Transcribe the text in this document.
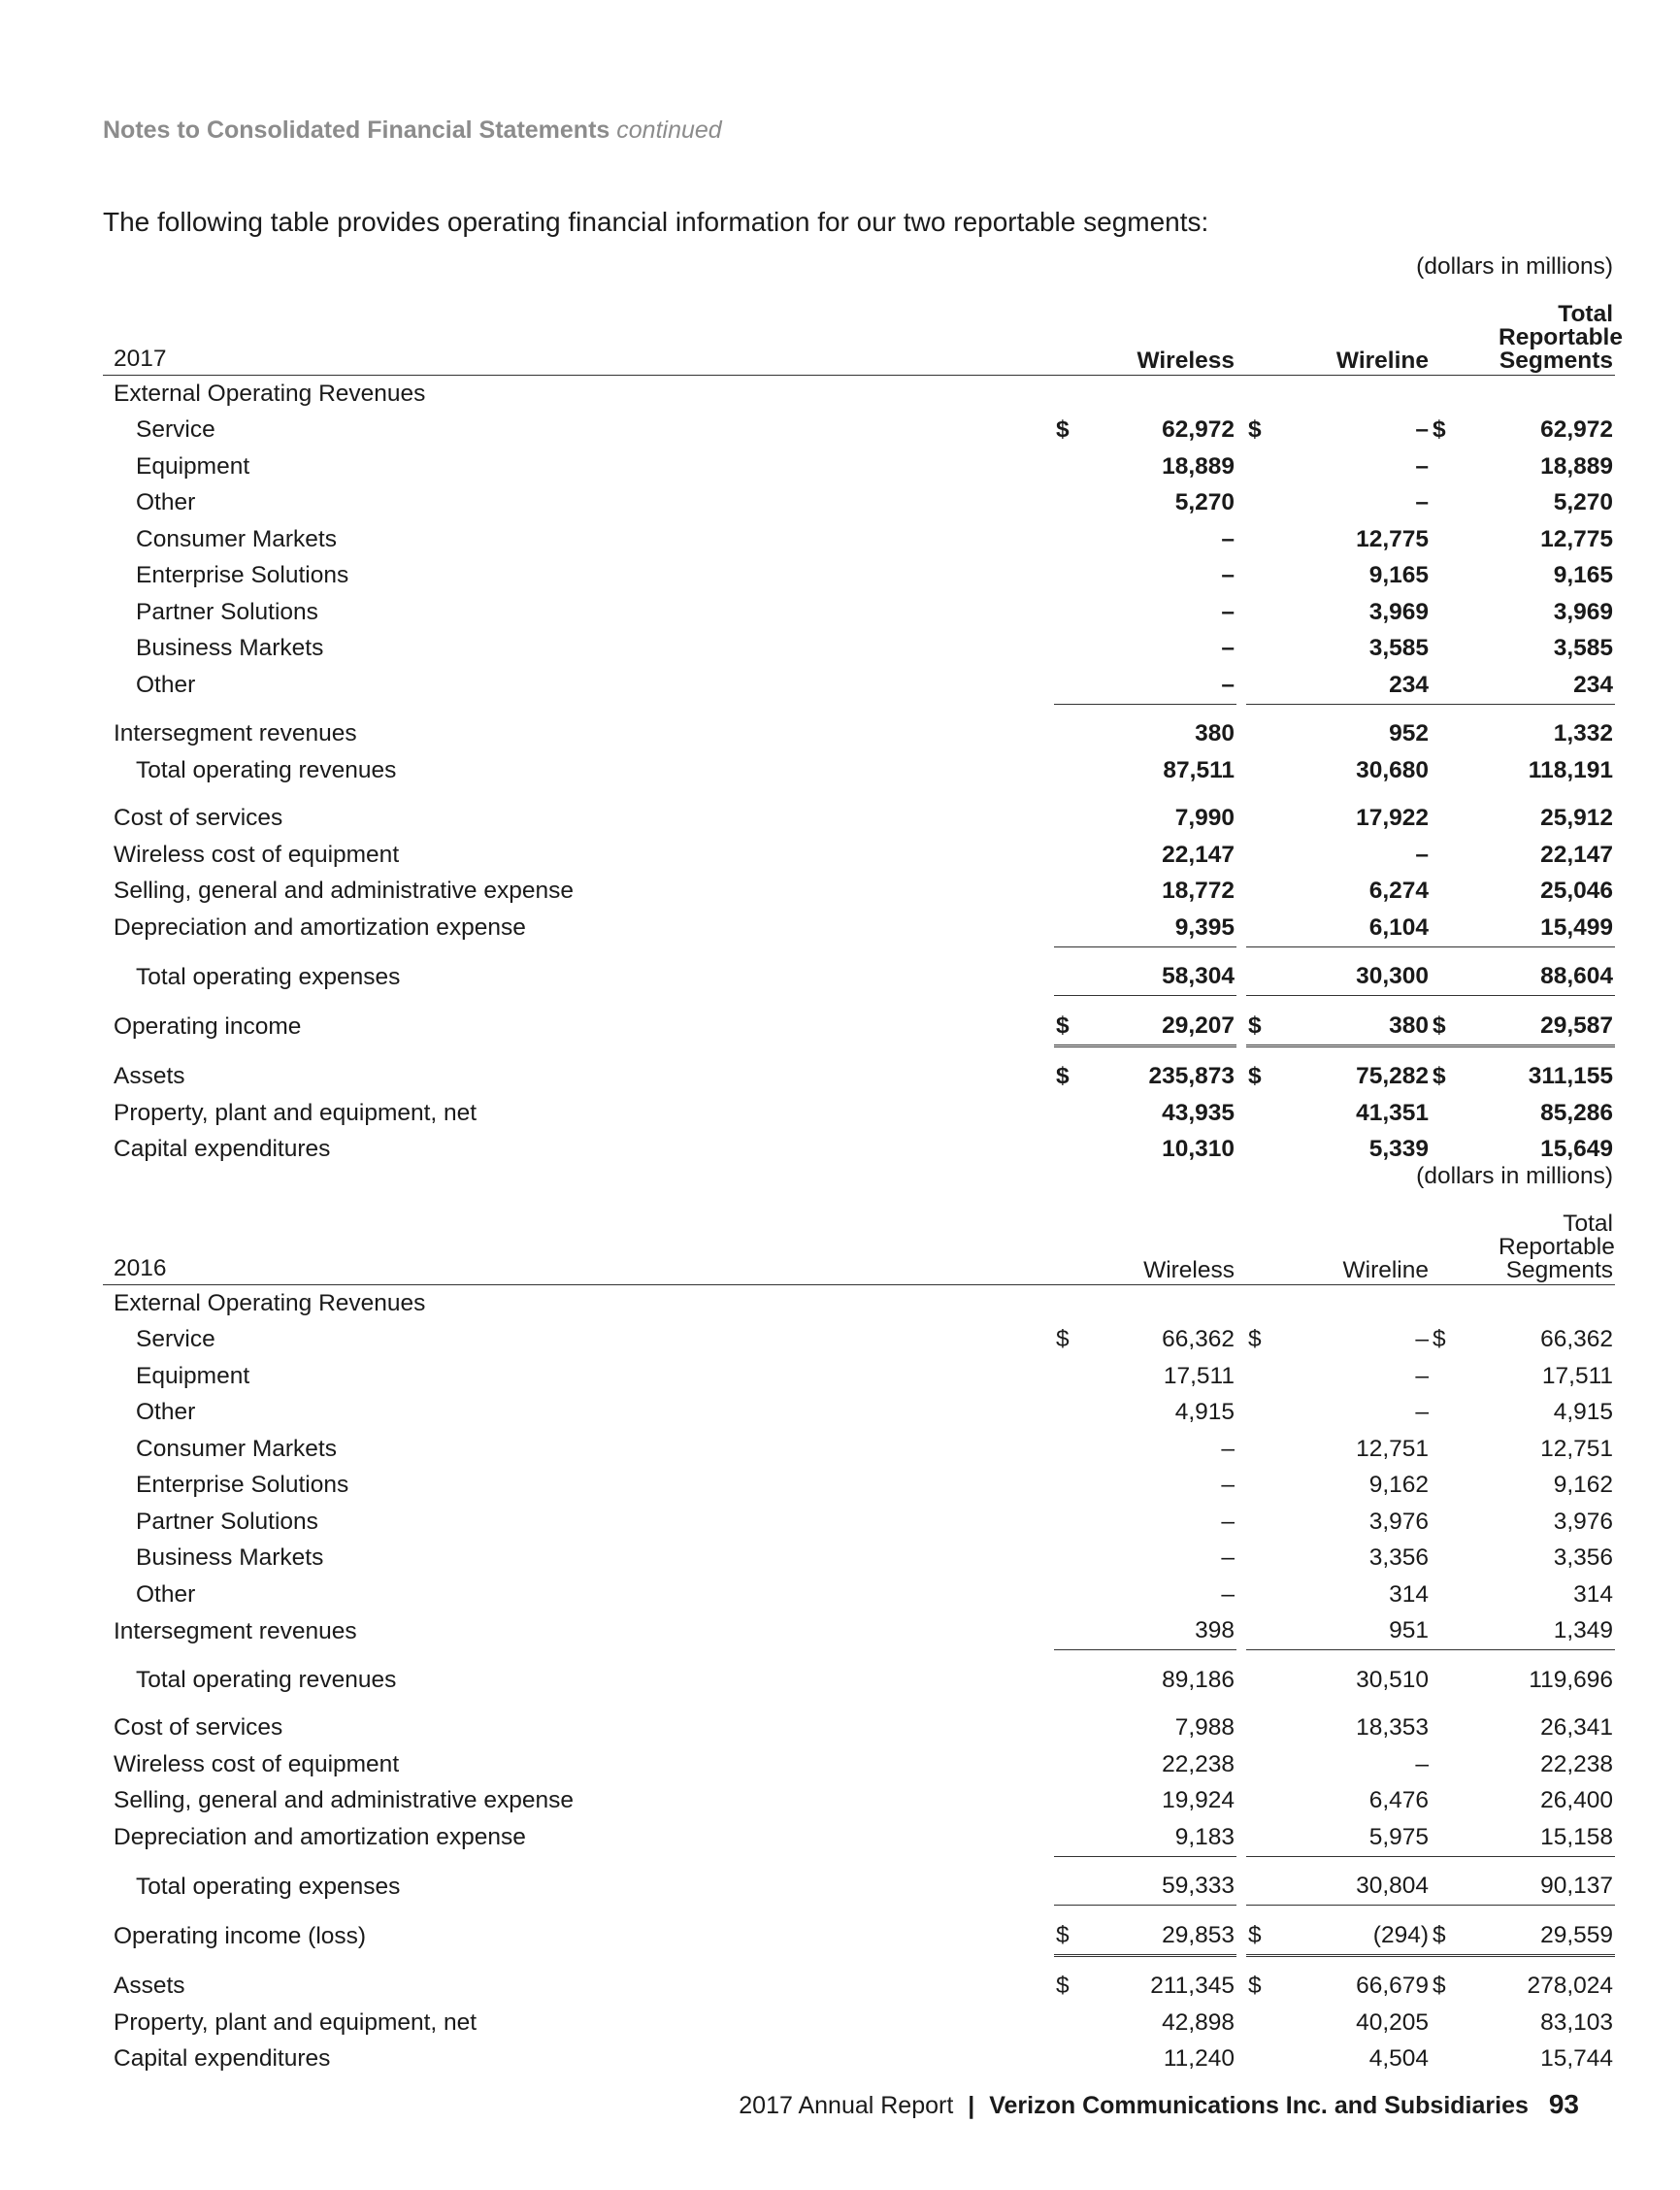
Notes to Consolidated Financial Statements continued
The following table provides operating financial information for our two reportable segments:
		(dollars in millions)		
2017	Wireless		Wireline	Total Reportable Segments
External Operating Revenues				
Service	$ 62,972		$ –	$ 62,972
Equipment	18,889		–	18,889
Other	5,270		–	5,270
Consumer Markets	–		12,775	12,775
Enterprise Solutions	–		9,165	9,165
Partner Solutions	–		3,969	3,969
Business Markets	–		3,585	3,585
Other	–		234	234

Intersegment revenues	380		952	1,332
Total operating revenues	87,511		30,680	118,191

Cost of services	7,990		17,922	25,912
Wireless cost of equipment	22,147		–	22,147
Selling, general and administrative expense	18,772		6,274	25,046
Depreciation and amortization expense	9,395		6,104	15,499

Total operating expenses	58,304		30,300	88,604

Operating income	$ 29,207		$ 380	$ 29,587

Assets	$ 235,873		$ 75,282	$ 311,155
Property, plant and equipment, net	43,935		41,351	85,286
Capital expenditures	10,310		5,339	15,649
		(dollars in millions)		
2016	Wireless		Wireline	Total Reportable Segments
External Operating Revenues				
Service	$ 66,362		$ –	$ 66,362
Equipment	17,511		–	17,511
Other	4,915		–	4,915
Consumer Markets	–		12,751	12,751
Enterprise Solutions	–		9,162	9,162
Partner Solutions	–		3,976	3,976
Business Markets	–		3,356	3,356
Other	–		314	314
Intersegment revenues	398		951	1,349

Total operating revenues	89,186		30,510	119,696

Cost of services	7,988		18,353	26,341
Wireless cost of equipment	22,238		–	22,238
Selling, general and administrative expense	19,924		6,476	26,400
Depreciation and amortization expense	9,183		5,975	15,158

Total operating expenses	59,333		30,804	90,137

Operating income (loss)	$ 29,853		$ (294)	$ 29,559

Assets	$ 211,345		$ 66,679	$ 278,024
Property, plant and equipment, net	42,898		40,205	83,103
Capital expenditures	11,240		4,504	15,744
2017 Annual Report | Verizon Communications Inc. and Subsidiaries 93
